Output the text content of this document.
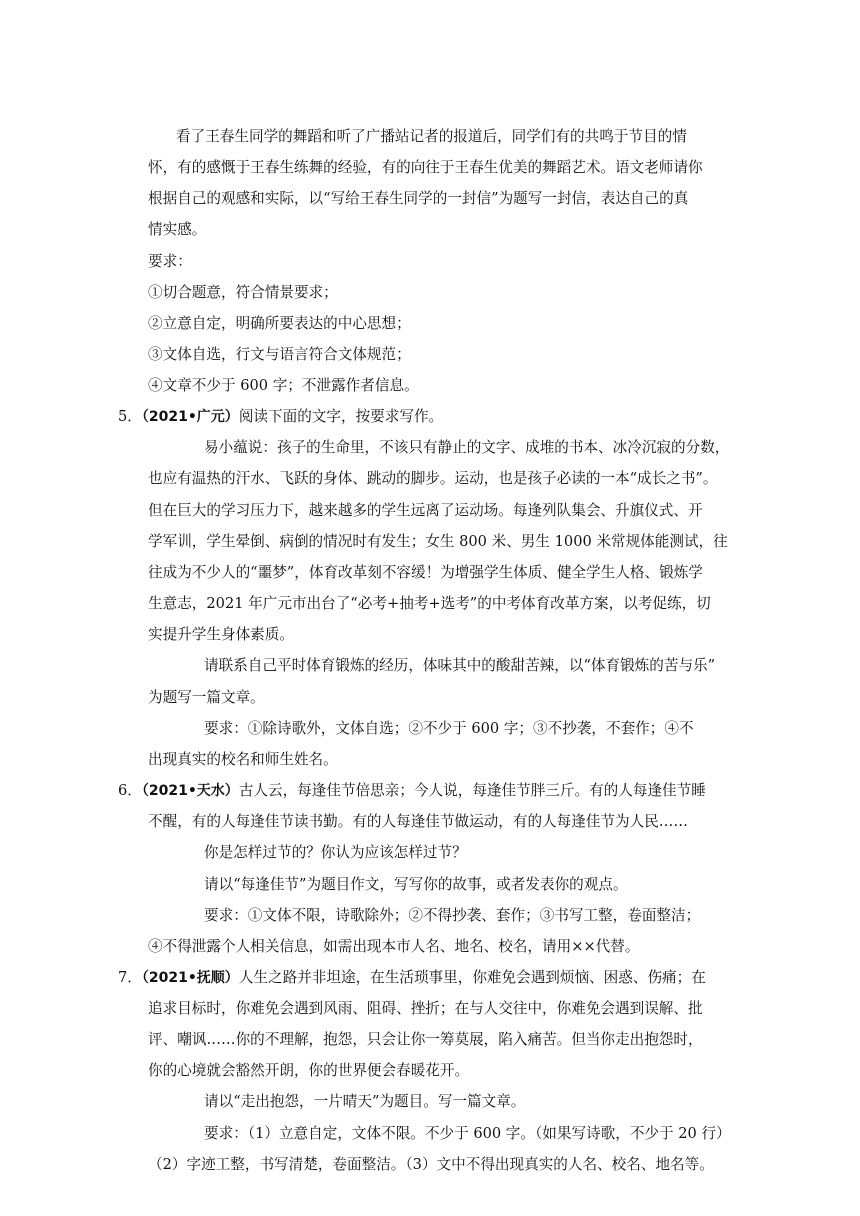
看了王春生同学的舞蹈和听了广播站记者的报道后，同学们有的共鸣于节目的情
怀，有的感慨于王春生练舞的经验，有的向往于王春生优美的舞蹈艺术。语文老师请你
根据自己的观感和实际，以“写给王春生同学的一封信”为题写一封信，表达自己的真
情实感。
要求：
①切合题意，符合情景要求；
②立意自定，明确所要表达的中心思想；
③文体自选，行文与语言符合文体规范；
④文章不少于 600 字；不泄露作者信息。
5．（2021•广元）阅读下面的文字，按要求写作。
易小蕴说：孩子的生命里，不该只有静止的文字、成堆的书本、冰冷沉寂的分数，
也应有温热的汗水、飞跃的身体、跳动的脚步。运动，也是孩子必读的一本“成长之书”。
但在巨大的学习压力下，越来越多的学生远离了运动场。每逢列队集会、升旗仪式、开
学军训，学生晕倒、病倒的情况时有发生；女生 800 米、男生 1000 米常规体能测试，往
往成为不少人的“噩梦”，体育改革刻不容缓！为增强学生体质、健全学生人格、锻炼学
生意志，2021 年广元市出台了“必考+抽考+选考”的中考体育改革方案，以考促练，切
实提升学生身体素质。
请联系自己平时体育锻炼的经历，体味其中的酸甜苦辣，以“体育锻炼的苦与乐”
为题写一篇文章。
要求：①除诗歌外，文体自选；②不少于 600 字；③不抄袭，不套作；④不
出现真实的校名和师生姓名。
6．（2021•天水）古人云，每逢佳节倍思亲；今人说，每逢佳节胖三斤。有的人每逢佳节睡
不醒，有的人每逢佳节读书勤。有的人每逢佳节做运动，有的人每逢佳节为人民……
你是怎样过节的？你认为应该怎样过节？
请以“每逢佳节”为题目作文，写写你的故事，或者发表你的观点。
要求：①文体不限，诗歌除外；②不得抄袭、套作；③书写工整，卷面整洁；
④不得泄露个人相关信息，如需出现本市人名、地名、校名，请用××代替。
7．（2021•抚顺）人生之路并非坦途，在生活琐事里，你难免会遇到烦恼、困惑、伤痛；在
追求目标时，你难免会遇到风雨、阻碍、挫折；在与人交往中，你难免会遇到误解、批
评、嘲讽……你的不理解，抱怨，只会让你一筹莫展，陷入痛苦。但当你走出抱怨时，
你的心境就会豁然开朗，你的世界便会春暖花开。
请以“走出抱怨，一片晴天”为题目。写一篇文章。
要求：（1）立意自定，文体不限。不少于 600 字。（如果写诗歌，不少于 20 行）
（2）字迹工整，书写清楚，卷面整洁。（3）文中不得出现真实的人名、校名、地名等。
